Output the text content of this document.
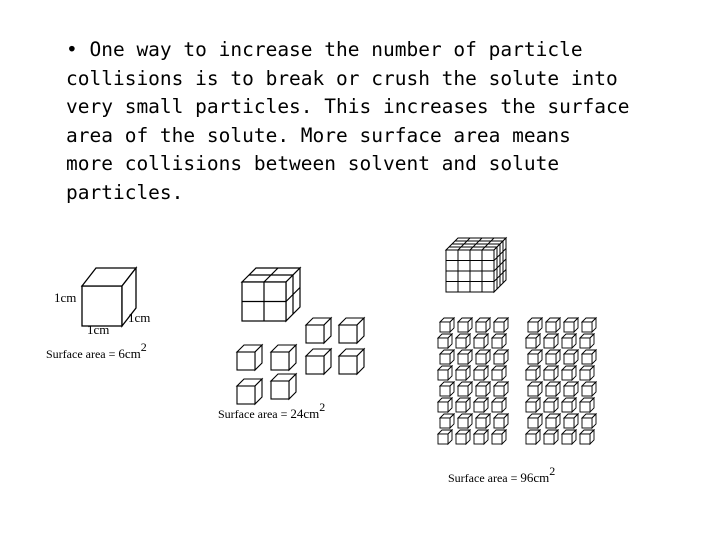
• One way to increase the number of particle
collisions is to break or crush the solute into
very small particles. This increases the surface
area of the solute. More surface area means
more collisions between solvent and solute
particles.
1cm
1cm
1cm
Surface area = 6cm2
Surface area = 24cm2
Surface area = 96cm2
